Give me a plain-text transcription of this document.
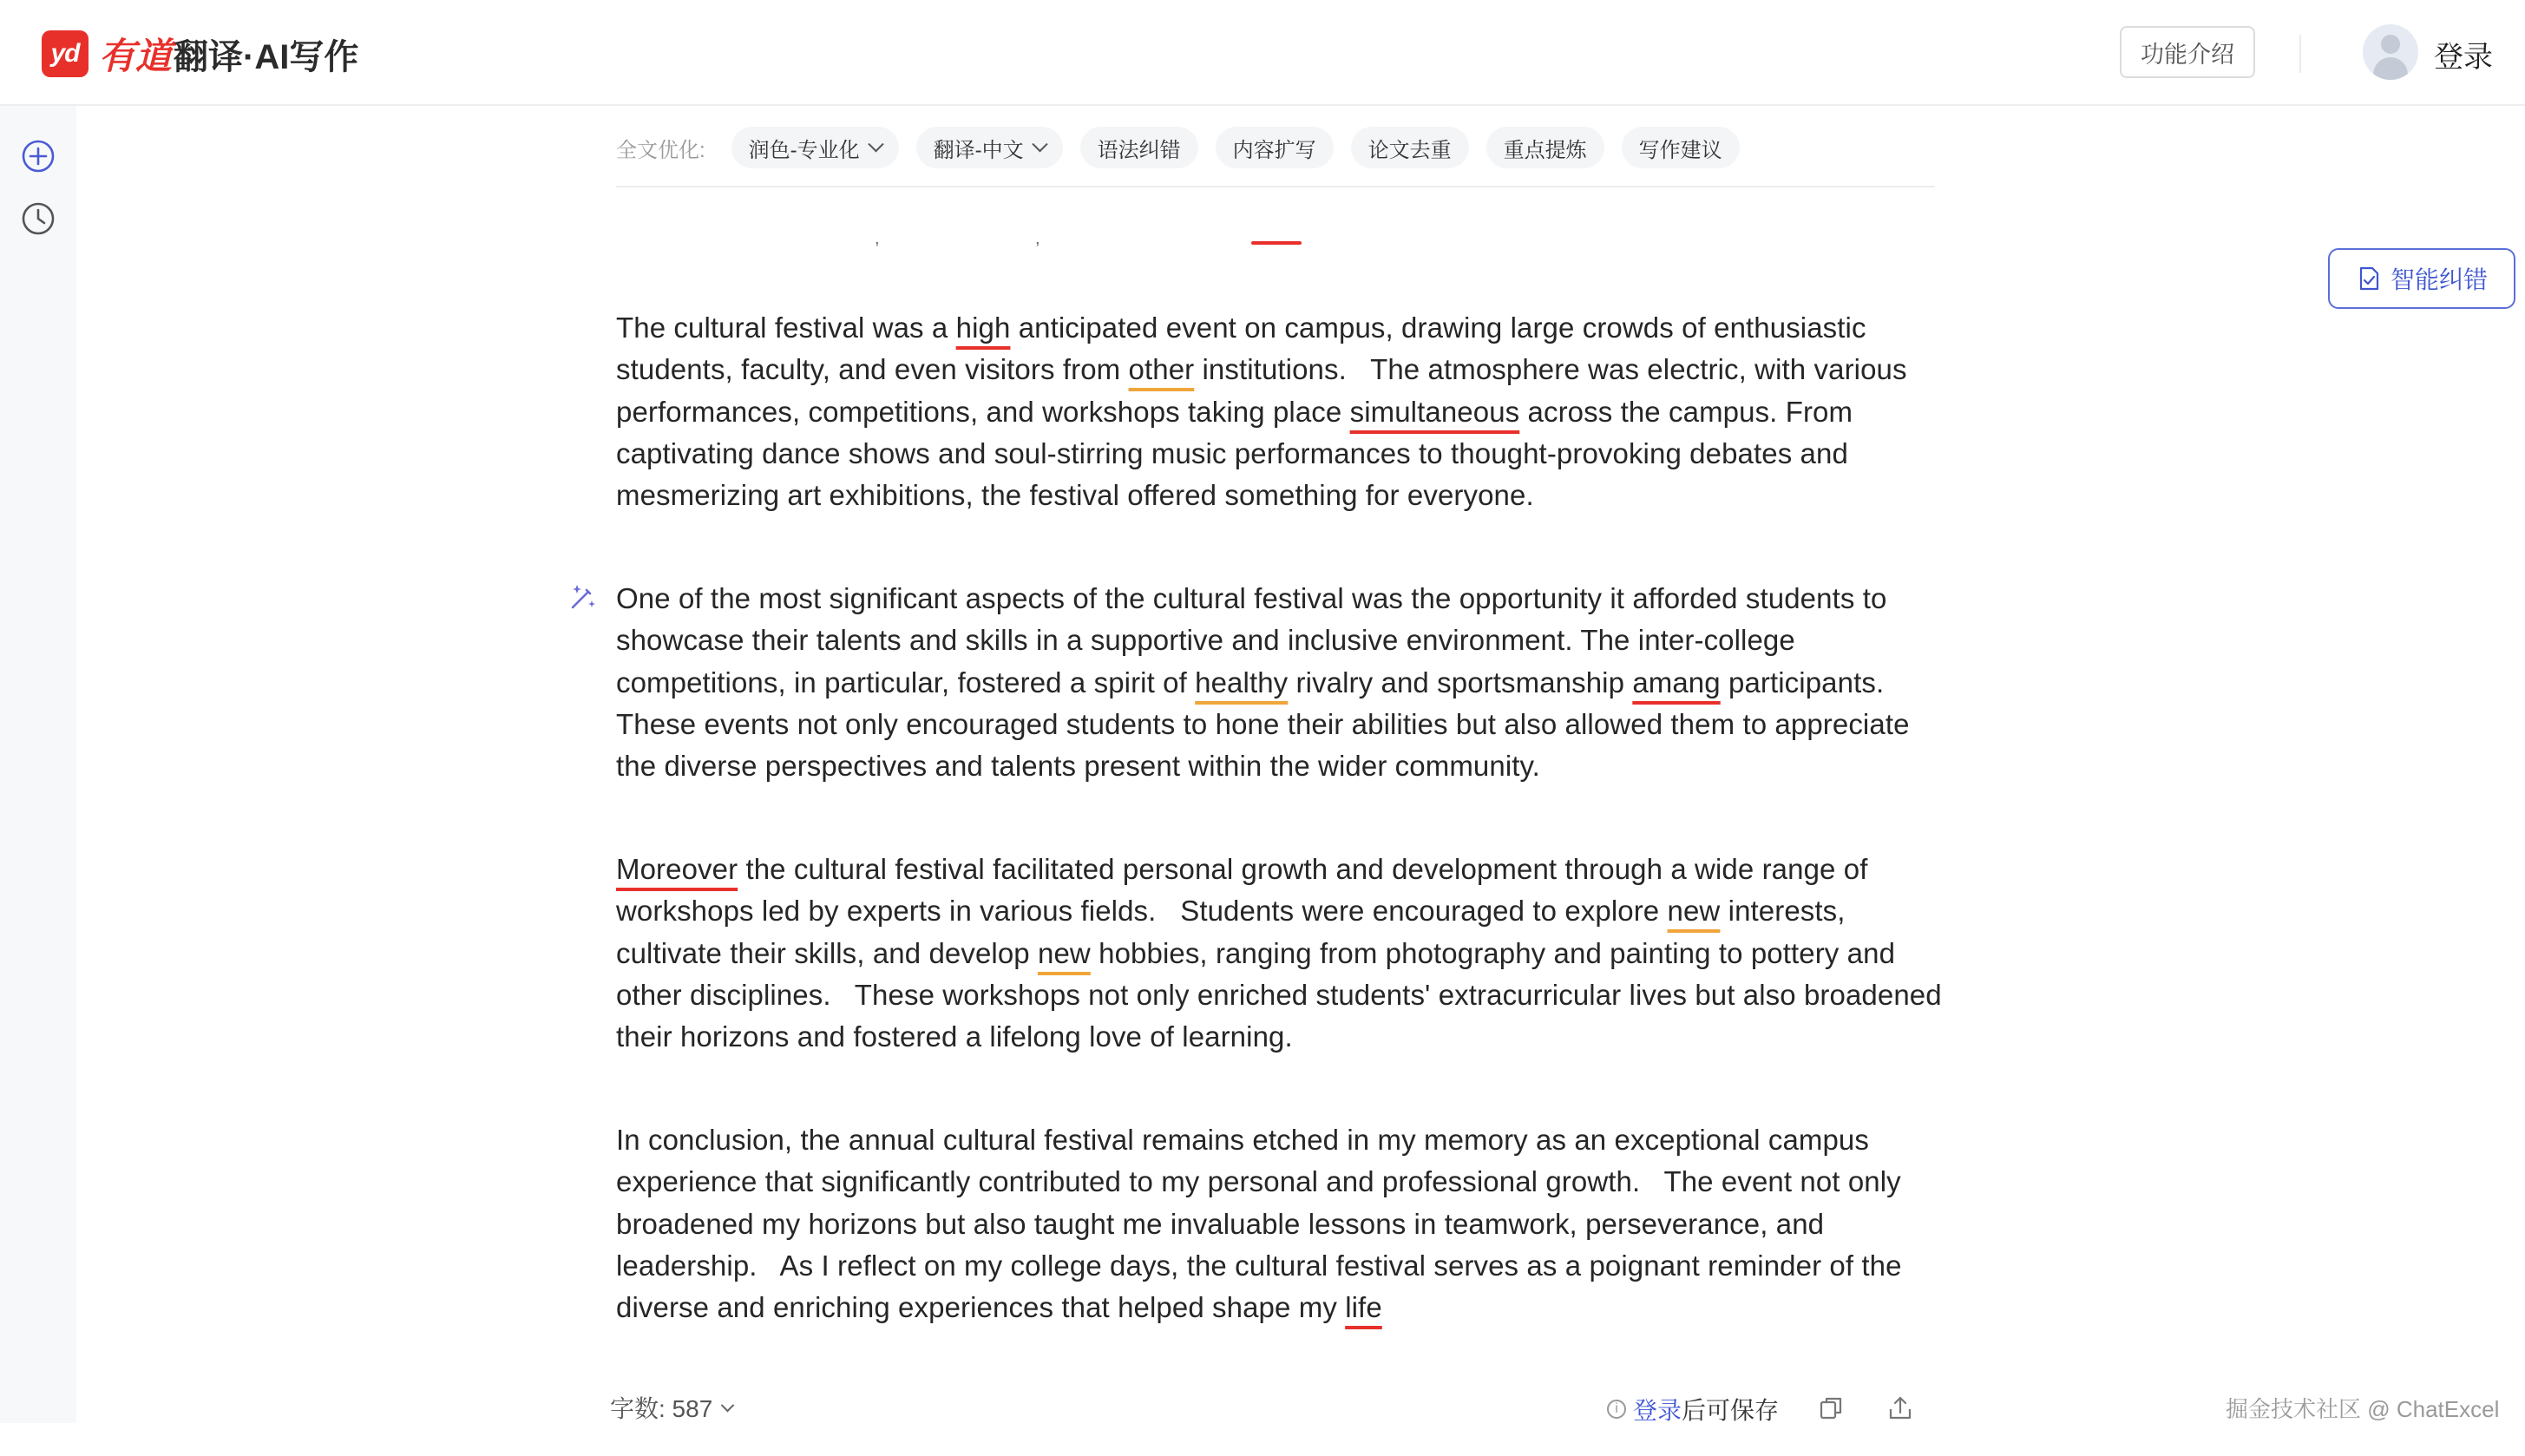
yd 有道 翻译·AI写作	功能介绍	登录
全文优化: 润色-专业化	翻译-中文	语法纠错	内容扩写	论文去重	重点提炼	写作建议
,	,
The cultural festival was a high anticipated event on campus, drawing large crowds of enthusiastic students, faculty, and even visitors from other institutions.   The atmosphere was electric, with various performances, competitions, and workshops taking place simultaneous across the campus. From captivating dance shows and soul-stirring music performances to thought-provoking debates and mesmerizing art exhibitions, the festival offered something for everyone.
One of the most significant aspects of the cultural festival was the opportunity it afforded students to showcase their talents and skills in a supportive and inclusive environment. The inter-college competitions, in particular, fostered a spirit of healthy rivalry and sportsmanship amang participants. These events not only encouraged students to hone their abilities but also allowed them to appreciate the diverse perspectives and talents present within the wider community.
Moreover the cultural festival facilitated personal growth and development through a wide range of workshops led by experts in various fields.   Students were encouraged to explore new interests, cultivate their skills, and develop new hobbies, ranging from photography and painting to pottery and other disciplines.   These workshops not only enriched students' extracurricular lives but also broadened their horizons and fostered a lifelong love of learning.
In conclusion, the annual cultural festival remains etched in my memory as an exceptional campus experience that significantly contributed to my personal and professional growth.   The event not only broadened my horizons but also taught me invaluable lessons in teamwork, perseverance, and leadership.   As I reflect on my college days, the cultural festival serves as a poignant reminder of the diverse and enriching experiences that helped shape my life
智能纠错
字数: 587	i 登录 后可保存	掘金技术社区 @ ChatExcel
